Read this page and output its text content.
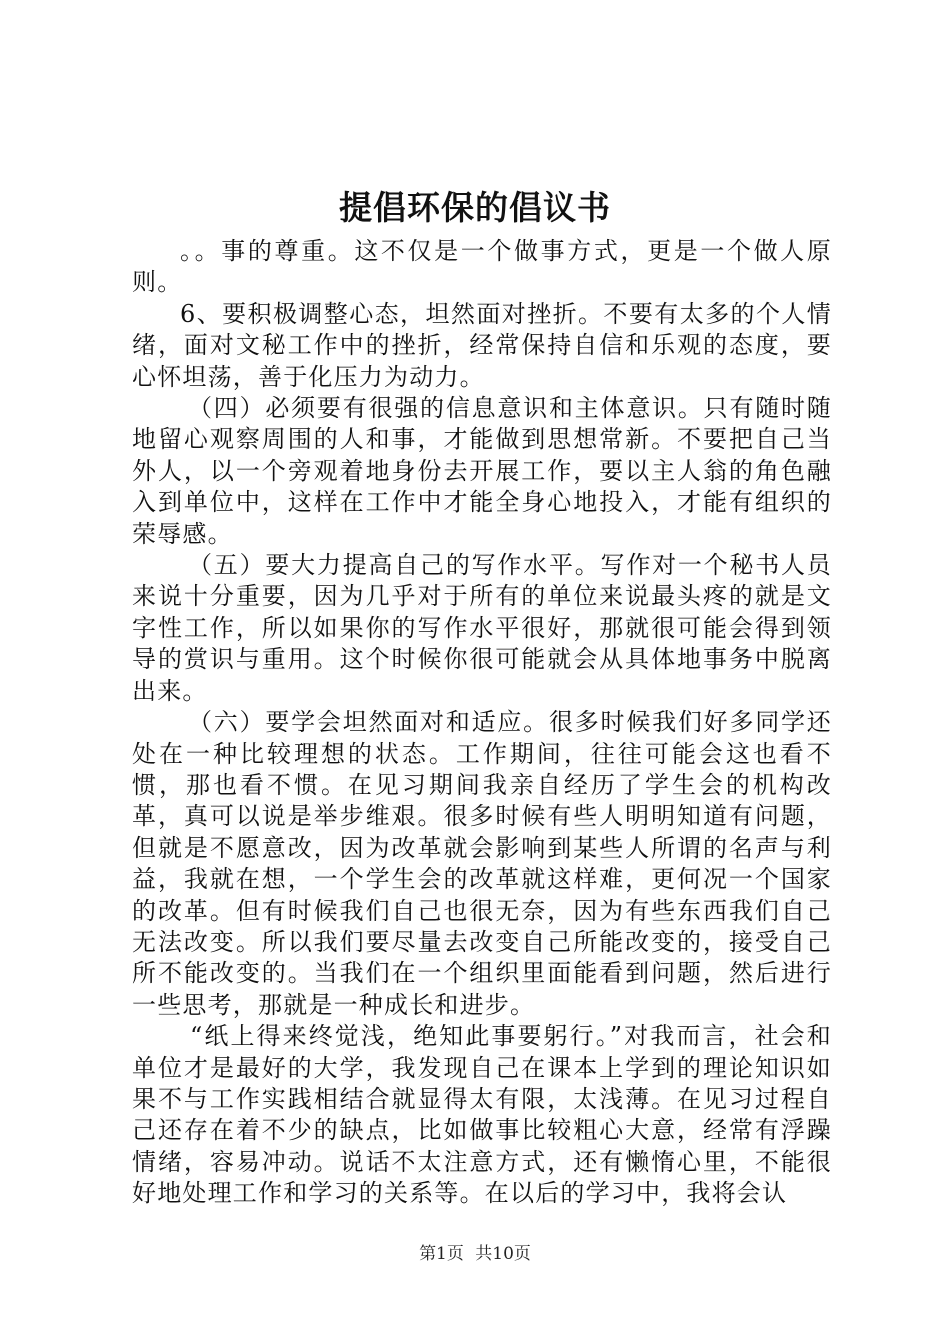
提倡环保的倡议书

。。事的尊重。这不仅是一个做事方式，更是一个做人原则。

6、要积极调整心态，坦然面对挫折。不要有太多的个人情绪，面对文秘工作中的挫折，经常保持自信和乐观的态度，要心怀坦荡，善于化压力为动力。

（四）必须要有很强的信息意识和主体意识。只有随时随地留心观察周围的人和事，才能做到思想常新。不要把自己当外人，以一个旁观着地身份去开展工作，要以主人翁的角色融入到单位中，这样在工作中才能全身心地投入，才能有组织的荣辱感。

（五）要大力提高自己的写作水平。写作对一个秘书人员来说十分重要，因为几乎对于所有的单位来说最头疼的就是文字性工作，所以如果你的写作水平很好，那就很可能会得到领导的赏识与重用。这个时候你很可能就会从具体地事务中脱离出来。

（六）要学会坦然面对和适应。很多时候我们好多同学还处在一种比较理想的状态。工作期间，往往可能会这也看不惯，那也看不惯。在见习期间我亲自经历了学生会的机构改革，真可以说是举步维艰。很多时候有些人明明知道有问题，但就是不愿意改，因为改革就会影响到某些人所谓的名声与利益，我就在想，一个学生会的改革就这样难，更何况一个国家的改革。但有时候我们自己也很无奈，因为有些东西我们自己无法改变。所以我们要尽量去改变自己所能改变的，接受自己所不能改变的。当我们在一个组织里面能看到问题，然后进行一些思考，那就是一种成长和进步。

“纸上得来终觉浅，绝知此事要躬行。”对我而言，社会和单位才是最好的大学，我发现自己在课本上学到的理论知识如果不与工作实践相结合就显得太有限，太浅薄。在见习过程自己还存在着不少的缺点，比如做事比较粗心大意，经常有浮躁情绪，容易冲动。说话不太注意方式，还有懒惰心里，不能很好地处理工作和学习的关系等。在以后的学习中，我将会认

第1页 共10页
